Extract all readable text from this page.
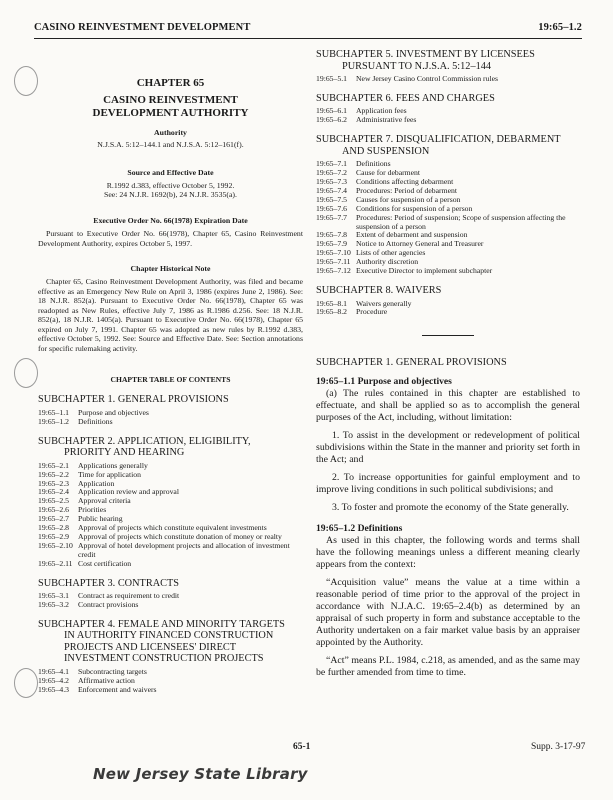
CASINO REINVESTMENT DEVELOPMENT	19:65–1.2
CHAPTER 65
CASINO REINVESTMENT DEVELOPMENT AUTHORITY
Authority
N.J.S.A. 5:12–144.1 and N.J.S.A. 5:12–161(f).
Source and Effective Date
R.1992 d.383, effective October 5, 1992.
See: 24 N.J.R. 1692(b), 24 N.J.R. 3535(a).
Executive Order No. 66(1978) Expiration Date
Pursuant to Executive Order No. 66(1978), Chapter 65, Casino Reinvestment Development Authority, expires October 5, 1997.
Chapter Historical Note
Chapter 65, Casino Reinvestment Development Authority, was filed and became effective as an Emergency New Rule on April 3, 1986 (expires June 2, 1986). See: 18 N.J.R. 852(a). Pursuant to Executive Order No. 66(1978), Chapter 65 was readopted as New Rules, effective July 7, 1986 as R.1986 d.256. See: 18 N.J.R. 852(a), 18 N.J.R. 1405(a). Pursuant to Executive Order No. 66(1978), Chapter 65 expired on July 7, 1991. Chapter 65 was adopted as new rules by R.1992 d.383, effective October 5, 1992. See: Source and Effective Date. See: Section annotations for specific rulemaking activity.
CHAPTER TABLE OF CONTENTS
SUBCHAPTER 1. GENERAL PROVISIONS
19:65–1.1	Purpose and objectives
19:65–1.2	Definitions
SUBCHAPTER 2. APPLICATION, ELIGIBILITY,
PRIORITY AND HEARING
19:65–2.1	Applications generally
19:65–2.2	Time for application
19:65–2.3	Application
19:65–2.4	Application review and approval
19:65–2.5	Approval criteria
19:65–2.6	Priorities
19:65–2.7	Public hearing
19:65–2.8	Approval of projects which constitute equivalent investments
19:65–2.9	Approval of projects which constitute donation of money or realty
19:65–2.10 Approval of hotel development projects and allocation of investment credit
19:65–2.11 Cost certification
SUBCHAPTER 3. CONTRACTS
19:65–3.1	Contract as requirement to credit
19:65–3.2	Contract provisions
SUBCHAPTER 4. FEMALE AND MINORITY TARGETS
IN AUTHORITY FINANCED CONSTRUCTION PROJECTS AND LICENSEES' DIRECT INVESTMENT CONSTRUCTION PROJECTS
19:65–4.1	Subcontracting targets
19:65–4.2	Affirmative action
19:65–4.3	Enforcement and waivers
SUBCHAPTER 5. INVESTMENT BY LICENSEES
PURSUANT TO N.J.S.A. 5:12–144
19:65–5.1	New Jersey Casino Control Commission rules
SUBCHAPTER 6. FEES AND CHARGES
19:65–6.1	Application fees
19:65–6.2	Administrative fees
SUBCHAPTER 7. DISQUALIFICATION, DEBARMENT
AND SUSPENSION
19:65–7.1	Definitions
19:65–7.2	Cause for debarment
19:65–7.3	Conditions affecting debarment
19:65–7.4	Procedures: Period of debarment
19:65–7.5	Causes for suspension of a person
19:65–7.6	Conditions for suspension of a person
19:65–7.7	Procedures: Period of suspension; Scope of suspension affecting the suspension of a person
19:65–7.8	Extent of debarment and suspension
19:65–7.9	Notice to Attorney General and Treasurer
19:65–7.10 Lists of other agencies
19:65–7.11 Authority discretion
19:65–7.12 Executive Director to implement subchapter
SUBCHAPTER 8. WAIVERS
19:65–8.1	Waivers generally
19:65–8.2	Procedure
SUBCHAPTER 1. GENERAL PROVISIONS
19:65–1.1 Purpose and objectives

(a) The rules contained in this chapter are established to effectuate, and shall be applied so as to accomplish the general purposes of the Act, including, without limitation:

1. To assist in the development or redevelopment of political subdivisions within the State in the manner and priority set forth in the Act; and

2. To increase opportunities for gainful employment and to improve living conditions in such political subdivisions; and

3. To foster and promote the economy of the State generally.

19:65–1.2 Definitions

As used in this chapter, the following words and terms shall have the following meanings unless a different meaning clearly appears from the context:

“Acquisition value” means the value at a time within a reasonable period of time prior to the approval of the project in accordance with N.J.A.C. 19:65–2.4(b) as determined by an appraisal of such property in form and substance acceptable to the Authority undertaken on a fair market value basis by an appraiser appointed by the Authority.

“Act” means P.L. 1984, c.218, as amended, and as the same may be further amended from time to time.

65-1	Supp. 3-17-97
New Jersey State Library
